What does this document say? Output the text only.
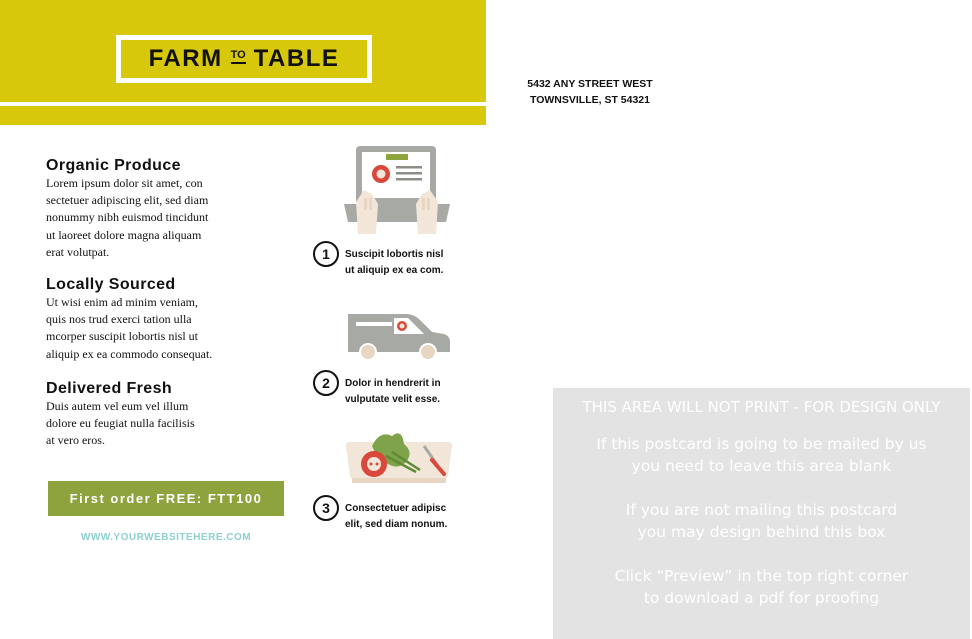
FARM TO TABLE
5432 ANY STREET WEST
TOWNSVILLE, ST 54321
Organic Produce

Lorem ipsum dolor sit amet, con
sectetuer adipiscing elit, sed diam
nonummy nibh euismod tincidunt
ut laoreet dolore magna aliquam
erat volutpat.

Locally Sourced

Ut wisi enim ad minim veniam,
quis nos trud exerci tation ulla
mcorper suscipit lobortis nisl ut
aliquip ex ea commodo consequat.

Delivered Fresh

Duis autem vel eum vel illum
dolore eu feugiat nulla facilisis
at vero eros.

First order FREE: FTT100
WWW.YOURWEBSITEHERE.COM
1	Suscipit lobortis nisl
ut aliquip ex ea com.
2	Dolor in hendrerit in
vulputate velit esse.
3	Consectetuer adipisc
elit, sed diam nonum.
THIS AREA WILL NOT PRINT - FOR DESIGN ONLY
If this postcard is going to be mailed by us
you need to leave this area blank
If you are not mailing this postcard
you may design behind this box
Click “Preview” in the top right corner
to download a pdf for proofing
